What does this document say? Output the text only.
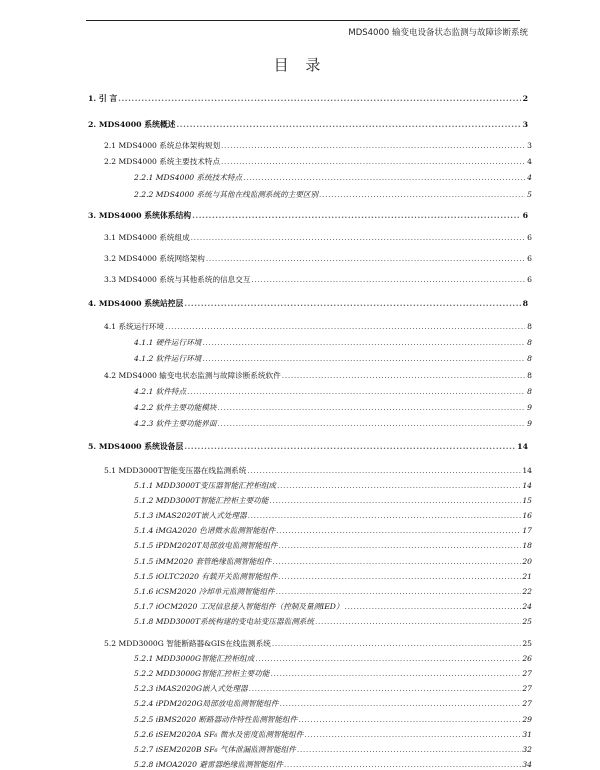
MDS4000 输变电设备状态监测与故障诊断系统
目 录
1. 引 言 .....	2
2. MDS4000 系统概述 .....	3
2.1 MDS4000 系统总体架构规划 .....	3
2.2 MDS4000 系统主要技术特点 .....	4
2.2.1 MDS4000 系统技术特点 .....	4
2.2.2 MDS4000 系统与其他在线监测系统的主要区别 .....	5
3. MDS4000 系统体系结构 .....	6
3.1 MDS4000 系统组成 .....	6
3.2 MDS4000 系统网络架构 .....	6
3.3 MDS4000 系统与其他系统的信息交互 .....	6
4. MDS4000 系统站控层 .....	8
4.1 系统运行环境 .....	8
4.1.1 硬件运行环境 .....	8
4.1.2 软件运行环境 .....	8
4.2 MDS4000 输变电状态监测与故障诊断系统软件 .....	8
4.2.1 软件特点 .....	8
4.2.2 软件主要功能模块 .....	9
4.2.3 软件主要功能界面 .....	9
5. MDS4000 系统设备层 .....	14
5.1 MDD3000T智能变压器在线监测系统 .....	14
5.1.1 MDD3000T变压器智能汇控柜组成 .....	14
5.1.2 MDD3000T智能汇控柜主要功能 .....	15
5.1.3 iMAS2020T嵌入式处理器 .....	16
5.1.4 iMGA2020 色谱微水监测智能组件 .....	17
5.1.5 iPDM2020T局部放电监测智能组件 .....	18
5.1.5 iMM2020 套管绝缘监测智能组件 .....	20
5.1.5 iOLTC2020 有载开关监测智能组件 .....	21
5.1.6 iCSM2020 冷却单元监测智能组件 .....	22
5.1.7 iOCM2020 工况信息接入智能组件（控制及量测IED） .....	24
5.1.8 MDD3000T系统构建的变电站变压器监测系统 .....	25
5.2 MDD3000G 智能断路器&GIS在线监测系统 .....	25
5.2.1 MDD3000G智能汇控柜组成 .....	26
5.2.2 MDD3000G智能汇控柜主要功能 .....	27
5.2.3 iMAS2020G嵌入式处理器 .....	27
5.2.4 iPDM2020G局部放电监测智能组件 .....	27
5.2.5 iBMS2020 断路器动作特性监测智能组件 .....	29
5.2.6 iSEM2020A SF₆ 微水及密度监测智能组件 .....	31
5.2.7 iSEM2020B SF₆ 气体泄漏监测智能组件 .....	32
5.2.8 iMOA2020 避雷器绝缘监测智能组件 .....	34
